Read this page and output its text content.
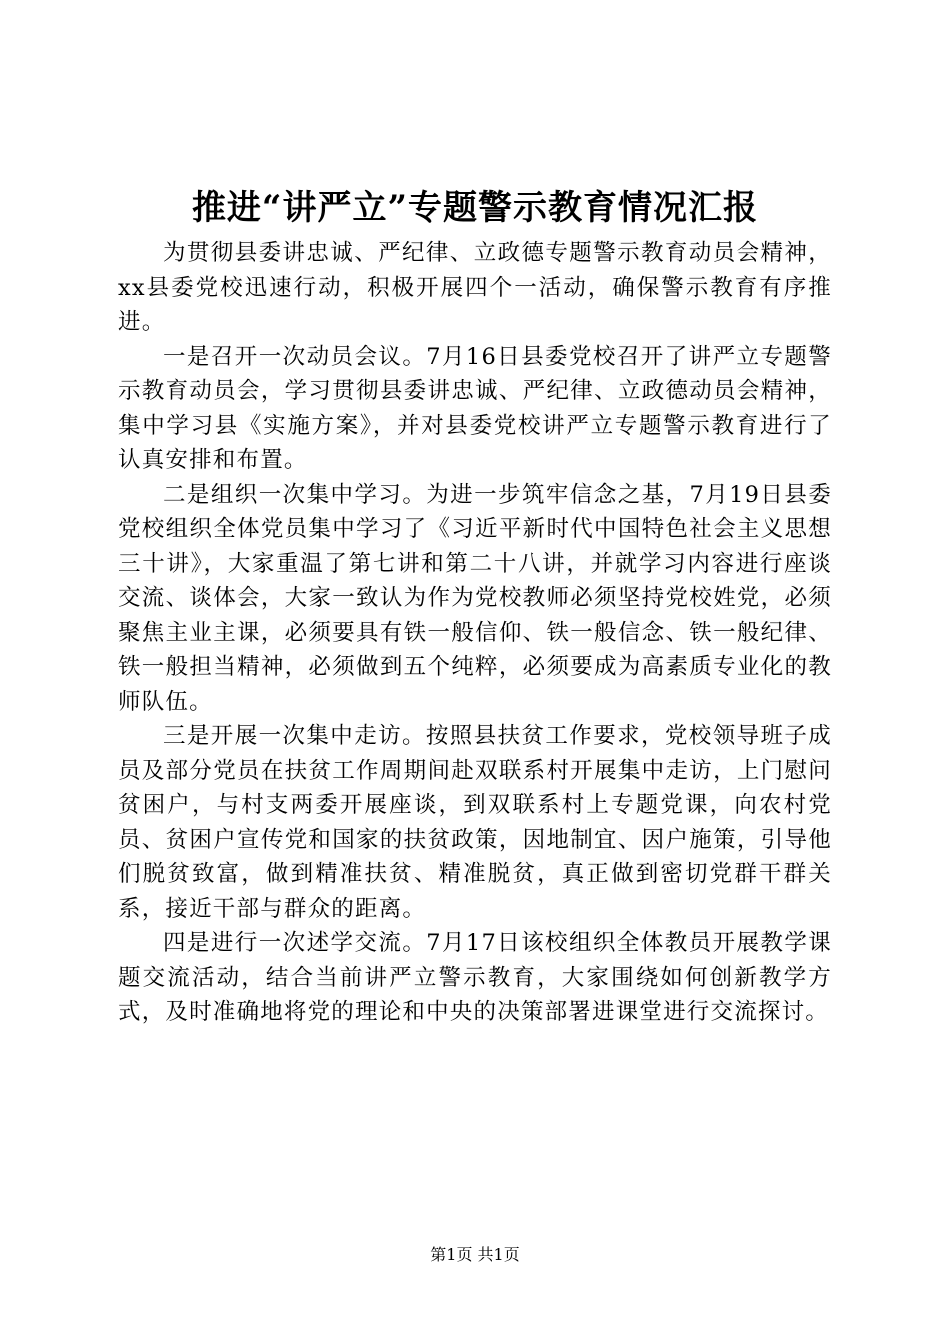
推进“讲严立”专题警示教育情况汇报

为贯彻县委讲忠诚、严纪律、立政德专题警示教育动员会精神，xx县委党校迅速行动，积极开展四个一活动，确保警示教育有序推进。

一是召开一次动员会议。7月16日县委党校召开了讲严立专题警示教育动员会，学习贯彻县委讲忠诚、严纪律、立政德动员会精神，集中学习县《实施方案》，并对县委党校讲严立专题警示教育进行了认真安排和布置。

二是组织一次集中学习。为进一步筑牢信念之基，7月19日县委党校组织全体党员集中学习了《习近平新时代中国特色社会主义思想三十讲》，大家重温了第七讲和第二十八讲，并就学习内容进行座谈交流、谈体会，大家一致认为作为党校教师必须坚持党校姓党，必须聚焦主业主课，必须要具有铁一般信仰、铁一般信念、铁一般纪律、铁一般担当精神，必须做到五个纯粹，必须要成为高素质专业化的教师队伍。

三是开展一次集中走访。按照县扶贫工作要求，党校领导班子成员及部分党员在扶贫工作周期间赴双联系村开展集中走访，上门慰问贫困户，与村支两委开展座谈，到双联系村上专题党课，向农村党员、贫困户宣传党和国家的扶贫政策，因地制宜、因户施策，引导他们脱贫致富，做到精准扶贫、精准脱贫，真正做到密切党群干群关系，接近干部与群众的距离。

四是进行一次述学交流。7月17日该校组织全体教员开展教学课题交流活动，结合当前讲严立警示教育，大家围绕如何创新教学方式，及时准确地将党的理论和中央的决策部署进课堂进行交流探讨。

第1页 共1页
